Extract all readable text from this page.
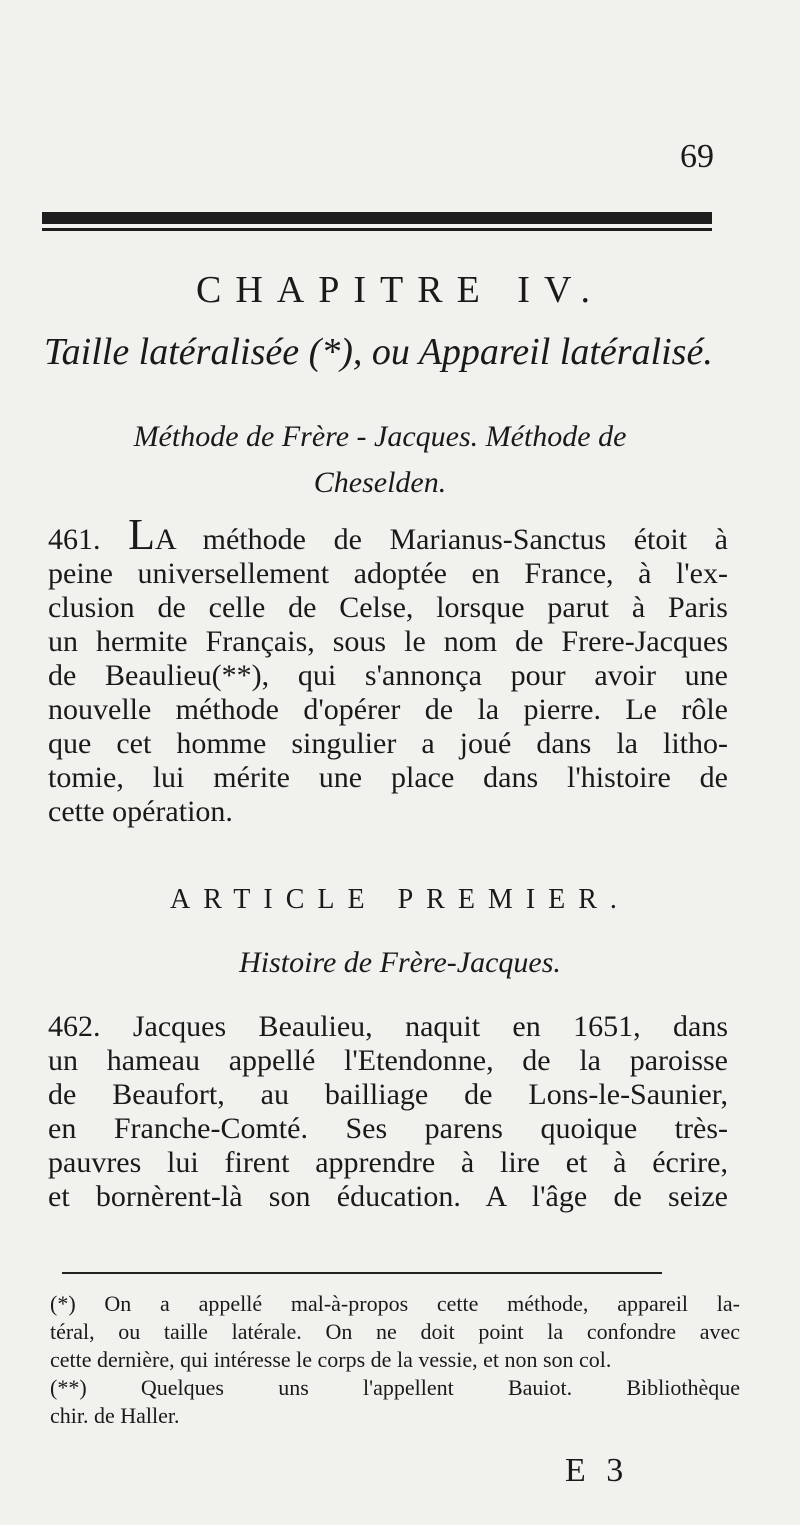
69
CHAPITRE IV.
Taille latéralisée (*), ou Appareil latéralisé.
Méthode de Frère - Jacques. Méthode de
Cheselden.
461. LA méthode de Marianus-Sanctus étoit à
peine universellement adoptée en France, à l'ex-
clusion de celle de Celse, lorsque parut à Paris
un hermite Français, sous le nom de Frere-Jacques
de Beaulieu(**), qui s'annonça pour avoir une
nouvelle méthode d'opérer de la pierre. Le rôle
que cet homme singulier a joué dans la litho-
tomie, lui mérite une place dans l'histoire de
cette opération.
ARTICLE PREMIER.
Histoire de Frère-Jacques.
462. Jacques Beaulieu, naquit en 1651, dans
un hameau appellé l'Etendonne, de la paroisse
de Beaufort, au bailliage de Lons-le-Saunier,
en Franche-Comté. Ses parens quoique très-
pauvres lui firent apprendre à lire et à écrire,
et bornèrent-là son éducation. A l'âge de seize
(*) On a appellé mal-à-propos cette méthode, appareil la-
téral, ou taille latérale. On ne doit point la confondre avec
cette dernière, qui intéresse le corps de la vessie, et non son col.
(**) Quelques uns l'appellent Bauiot. Bibliothèque
chir. de Haller.
E 3
